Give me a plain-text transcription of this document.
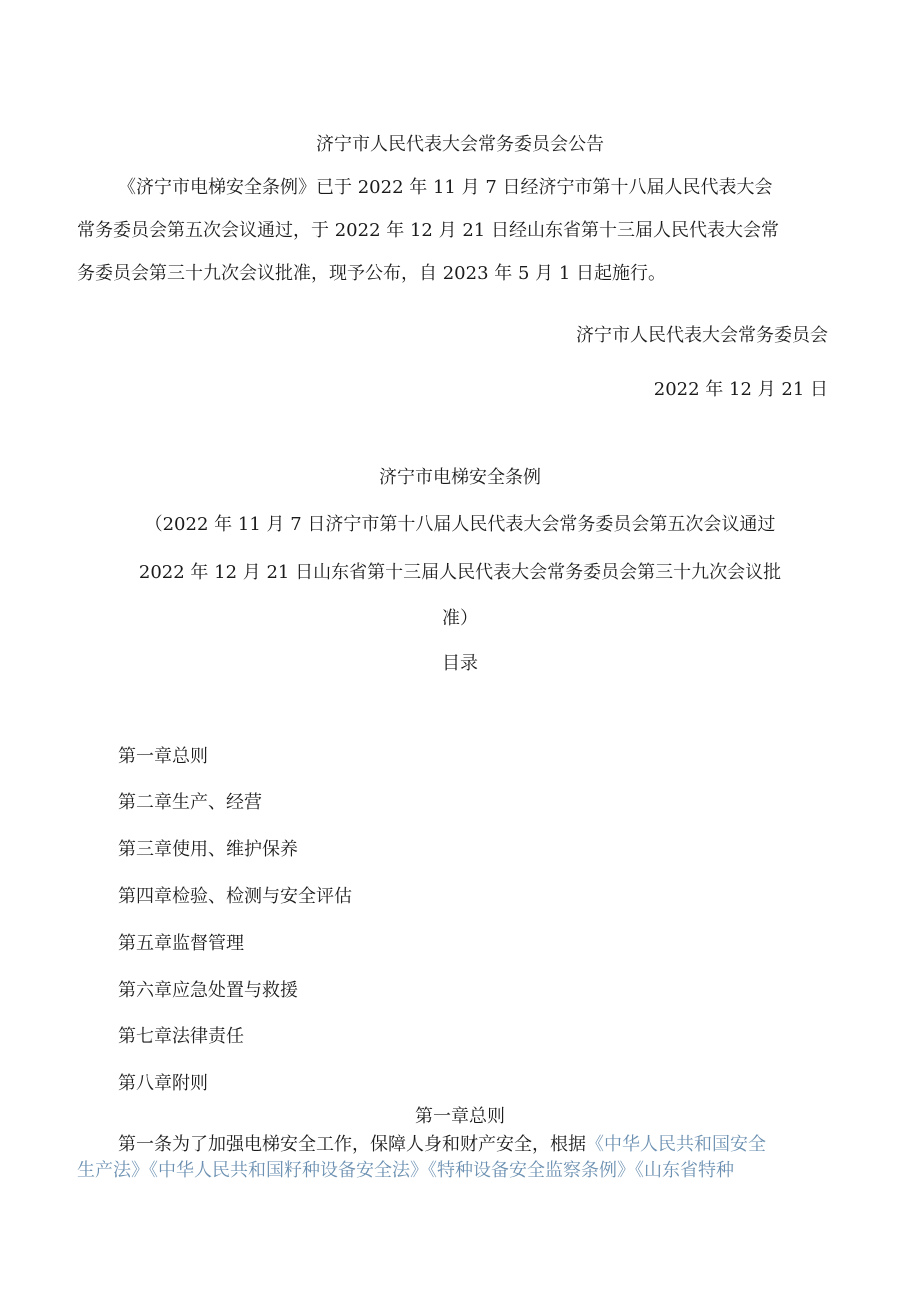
济宁市人民代表大会常务委员会公告
《济宁市电梯安全条例》已于 2022 年 11 月 7 日经济宁市第十八届人民代表大会
常务委员会第五次会议通过，于 2022 年 12 月 21 日经山东省第十三届人民代表大会常
务委员会第三十九次会议批准，现予公布，自 2023 年 5 月 1 日起施行。
济宁市人民代表大会常务委员会
2022 年 12 月 21 日
济宁市电梯安全条例
（2022 年 11 月 7 日济宁市第十八届人民代表大会常务委员会第五次会议通过
2022 年 12 月 21 日山东省第十三届人民代表大会常务委员会第三十九次会议批
准）
目录
第一章总则
第二章生产、经营
第三章使用、维护保养
第四章检验、检测与安全评估
第五章监督管理
第六章应急处置与救援
第七章法律责任
第八章附则
第一章总则
第一条为了加强电梯安全工作，保障人身和财产安全，根据《中华人民共和国安全
生产法》《中华人民共和国籽种设备安全法》《特种设备安全监察条例》《山东省特种
